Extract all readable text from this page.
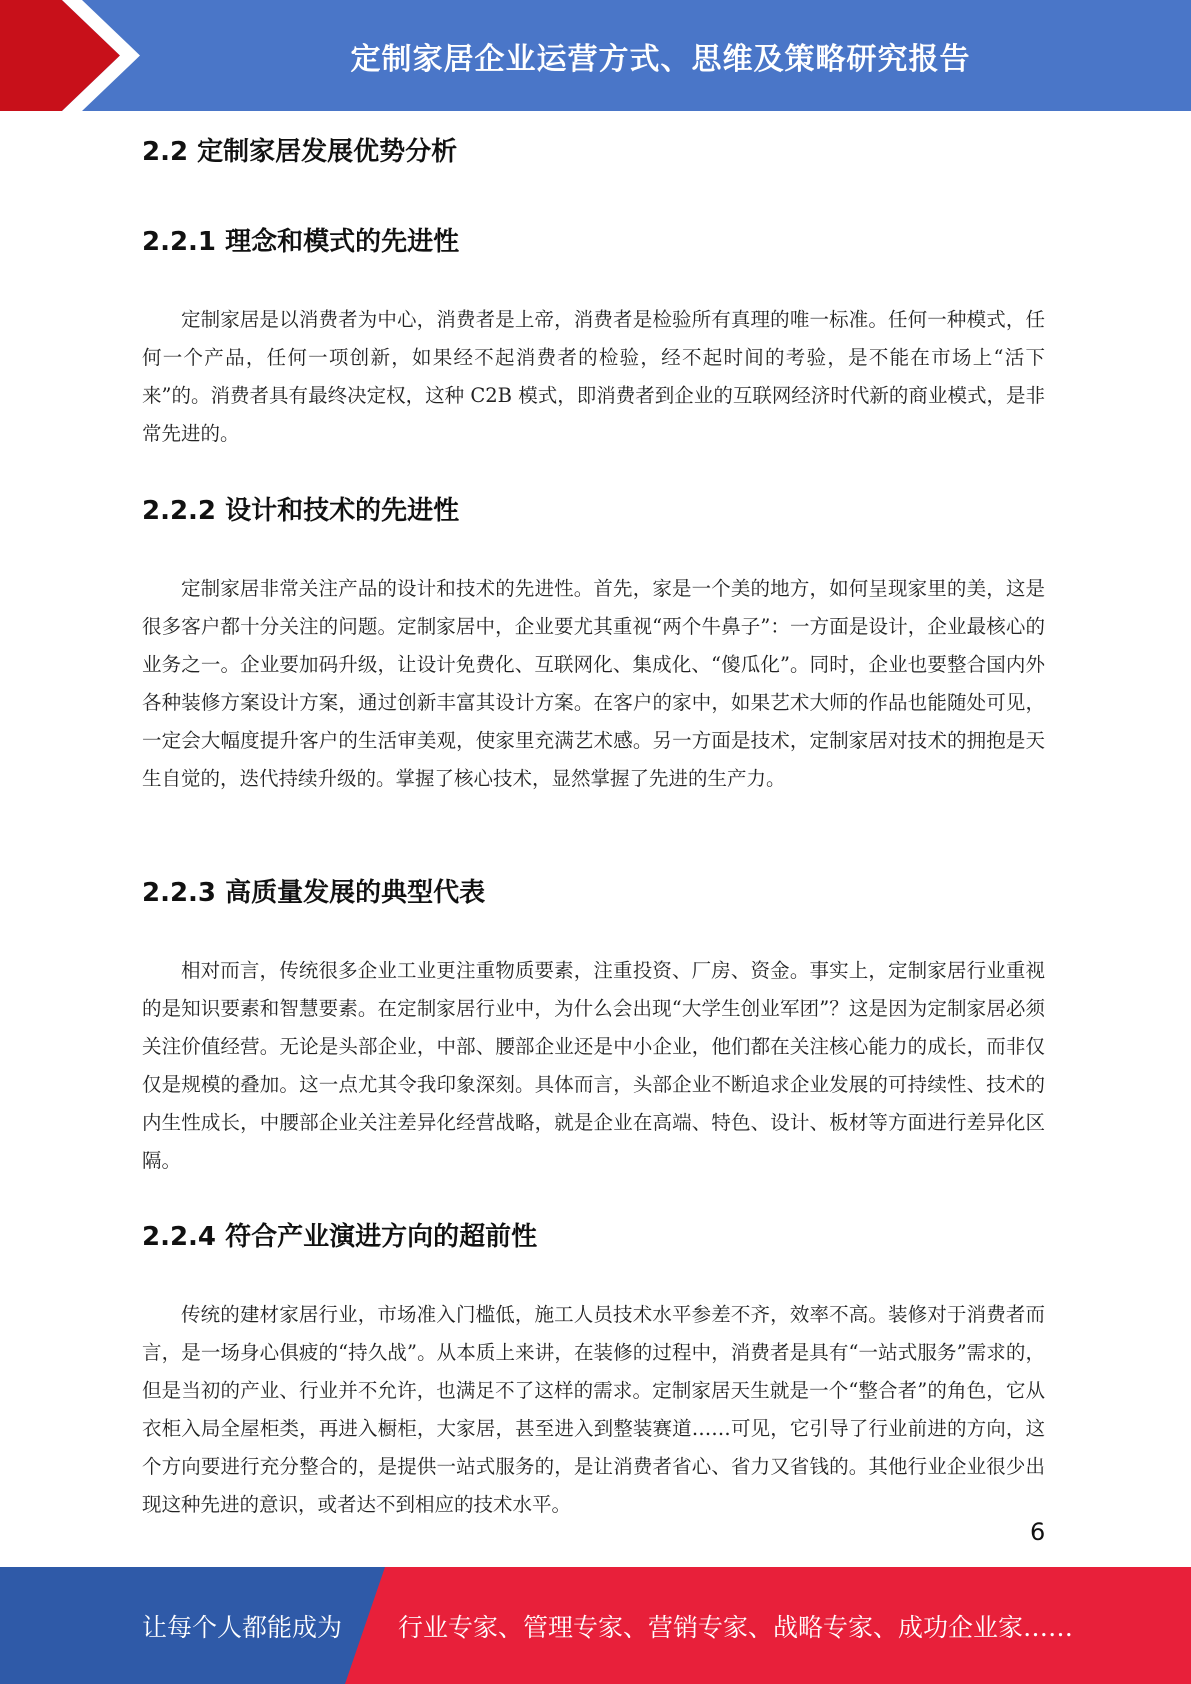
定制家居企业运营方式、思维及策略研究报告
2.2 定制家居发展优势分析
2.2.1 理念和模式的先进性

定制家居是以消费者为中心，消费者是上帝，消费者是检验所有真理的唯一标准。任何一种模式，任何一个产品，任何一项创新，如果经不起消费者的检验，经不起时间的考验，是不能在市场上“活下来”的。消费者具有最终决定权，这种 C2B 模式，即消费者到企业的互联网经济时代新的商业模式，是非常先进的。

2.2.2 设计和技术的先进性

定制家居非常关注产品的设计和技术的先进性。首先，家是一个美的地方，如何呈现家里的美，这是很多客户都十分关注的问题。定制家居中，企业要尤其重视“两个牛鼻子”：一方面是设计，企业最核心的业务之一。企业要加码升级，让设计免费化、互联网化、集成化、“傻瓜化”。同时，企业也要整合国内外各种装修方案设计方案，通过创新丰富其设计方案。在客户的家中，如果艺术大师的作品也能随处可见，一定会大幅度提升客户的生活审美观，使家里充满艺术感。另一方面是技术，定制家居对技术的拥抱是天生自觉的，迭代持续升级的。掌握了核心技术，显然掌握了先进的生产力。

2.2.3 高质量发展的典型代表

相对而言，传统很多企业工业更注重物质要素，注重投资、厂房、资金。事实上，定制家居行业重视的是知识要素和智慧要素。在定制家居行业中，为什么会出现“大学生创业军团”？这是因为定制家居必须关注价值经营。无论是头部企业，中部、腰部企业还是中小企业，他们都在关注核心能力的成长，而非仅仅是规模的叠加。这一点尤其令我印象深刻。具体而言，头部企业不断追求企业发展的可持续性、技术的内生性成长，中腰部企业关注差异化经营战略，就是企业在高端、特色、设计、板材等方面进行差异化区隔。

2.2.4 符合产业演进方向的超前性

传统的建材家居行业，市场准入门槛低，施工人员技术水平参差不齐，效率不高。装修对于消费者而言，是一场身心俱疲的“持久战”。从本质上来讲，在装修的过程中，消费者是具有“一站式服务”需求的，但是当初的产业、行业并不允许，也满足不了这样的需求。定制家居天生就是一个“整合者”的角色，它从衣柜入局全屋柜类，再进入橱柜，大家居，甚至进入到整装赛道……可见，它引导了行业前进的方向，这个方向要进行充分整合的，是提供一站式服务的，是让消费者省心、省力又省钱的。其他行业企业很少出现这种先进的意识，或者达不到相应的技术水平。

6
让每个人都能成为 行业专家、管理专家、营销专家、战略专家、成功企业家……
